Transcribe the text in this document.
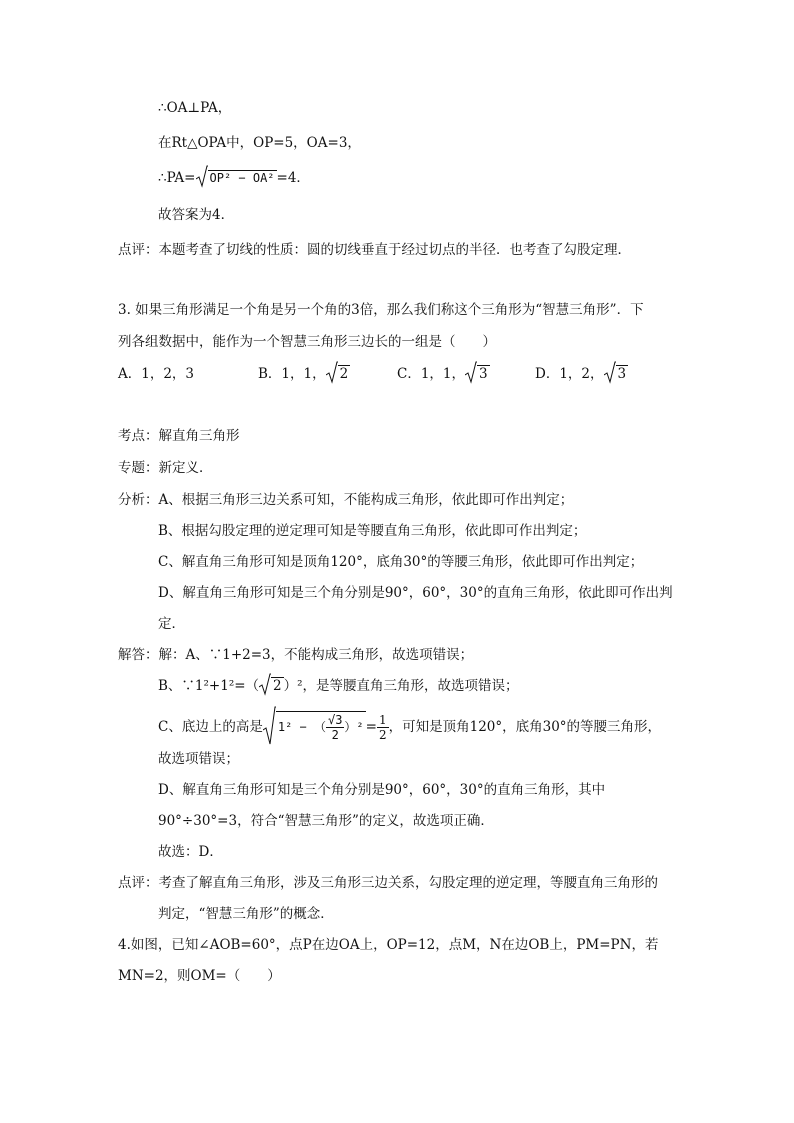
∴OA⊥PA，
在Rt△OPA中，OP=5，OA=3，
∴PA= OP² − OA² =4．
故答案为4．
点评：本题考查了切线的性质：圆的切线垂直于经过切点的半径．也考查了勾股定理．
3. 如果三角形满足一个角是另一个角的3倍，那么我们称这个三角形为“智慧三角形”．下
列各组数据中，能作为一个智慧三角形三边长的一组是（　　）
A．1，2，3	B．1，1， 2	C．1，1， 3	D．1，2， 3
考点：解直角三角形
专题：新定义．
分析：A、根据三角形三边关系可知，不能构成三角形，依此即可作出判定；
B、根据勾股定理的逆定理可知是等腰直角三角形，依此即可作出判定；
C、解直角三角形可知是顶角120°，底角30°的等腰三角形，依此即可作出判定；
D、解直角三角形可知是三个角分别是90°，60°，30°的直角三角形，依此即可作出判
定．
解答：解：A、∵1+2=3，不能构成三角形，故选项错误；
B、∵1²+1²=（ 2 ）²，是等腰直角三角形，故选项错误；
C、底边上的高是 1² − （ $\frac{√3}{2} )^2 = \frac{1}{2}$ ，可知是顶角120°，底角30°的等腰三角形，
故选项错误；
D、解直角三角形可知是三个角分别是90°，60°，30°的直角三角形，其中
90°÷30°=3，符合“智慧三角形”的定义，故选项正确．
故选：D．
点评：考查了解直角三角形，涉及三角形三边关系，勾股定理的逆定理，等腰直角三角形的
判定，“智慧三角形”的概念．
4.如图，已知∠AOB=60°，点P在边OA上，OP=12，点M，N在边OB上，PM=PN，若
MN=2，则OM=（　　）
